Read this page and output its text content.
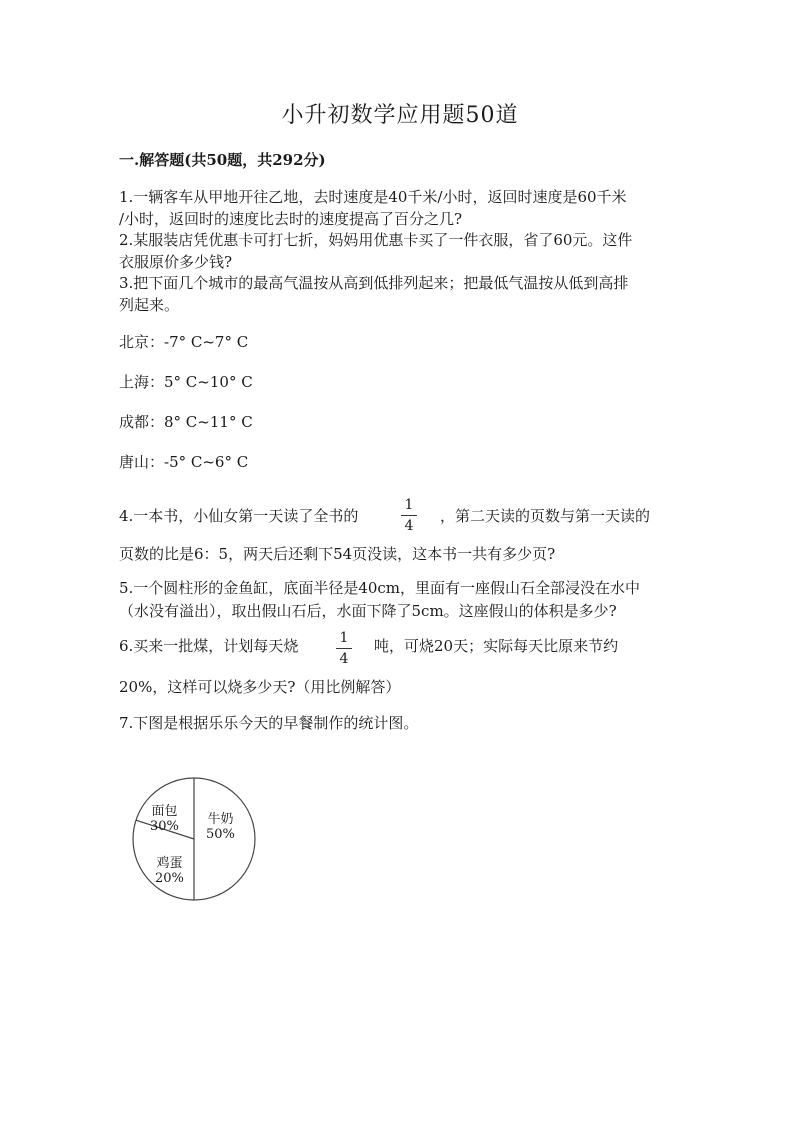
小升初数学应用题50道
一.解答题(共50题，共292分)
1.一辆客车从甲地开往乙地，去时速度是40千米/小时，返回时速度是60千米
/小时，返回时的速度比去时的速度提高了百分之几?
2.某服装店凭优惠卡可打七折，妈妈用优惠卡买了一件衣服，省了60元。这件
衣服原价多少钱?
3.把下面几个城市的最高气温按从高到低排列起来；把最低气温按从低到高排
列起来。
北京：-7° C~7° C
上海：5° C~10° C
成都：8° C~11° C
唐山：-5° C~6° C
4.一本书，小仙女第一天读了全书的
1
4
，第二天读的页数与第一天读的
页数的比是6：5，两天后还剩下54页没读，这本书一共有多少页?
5.一个圆柱形的金鱼缸，底面半径是40cm，里面有一座假山石全部浸没在水中
（水没有溢出），取出假山石后，水面下降了5cm。这座假山的体积是多少?
6.买来一批煤，计划每天烧	1
4
吨，可烧20天；实际每天比原来节约
20%，这样可以烧多少天?（用比例解答）
7.下图是根据乐乐今天的早餐制作的统计图。
牛奶
50%
面包
30%
鸡蛋
20%
